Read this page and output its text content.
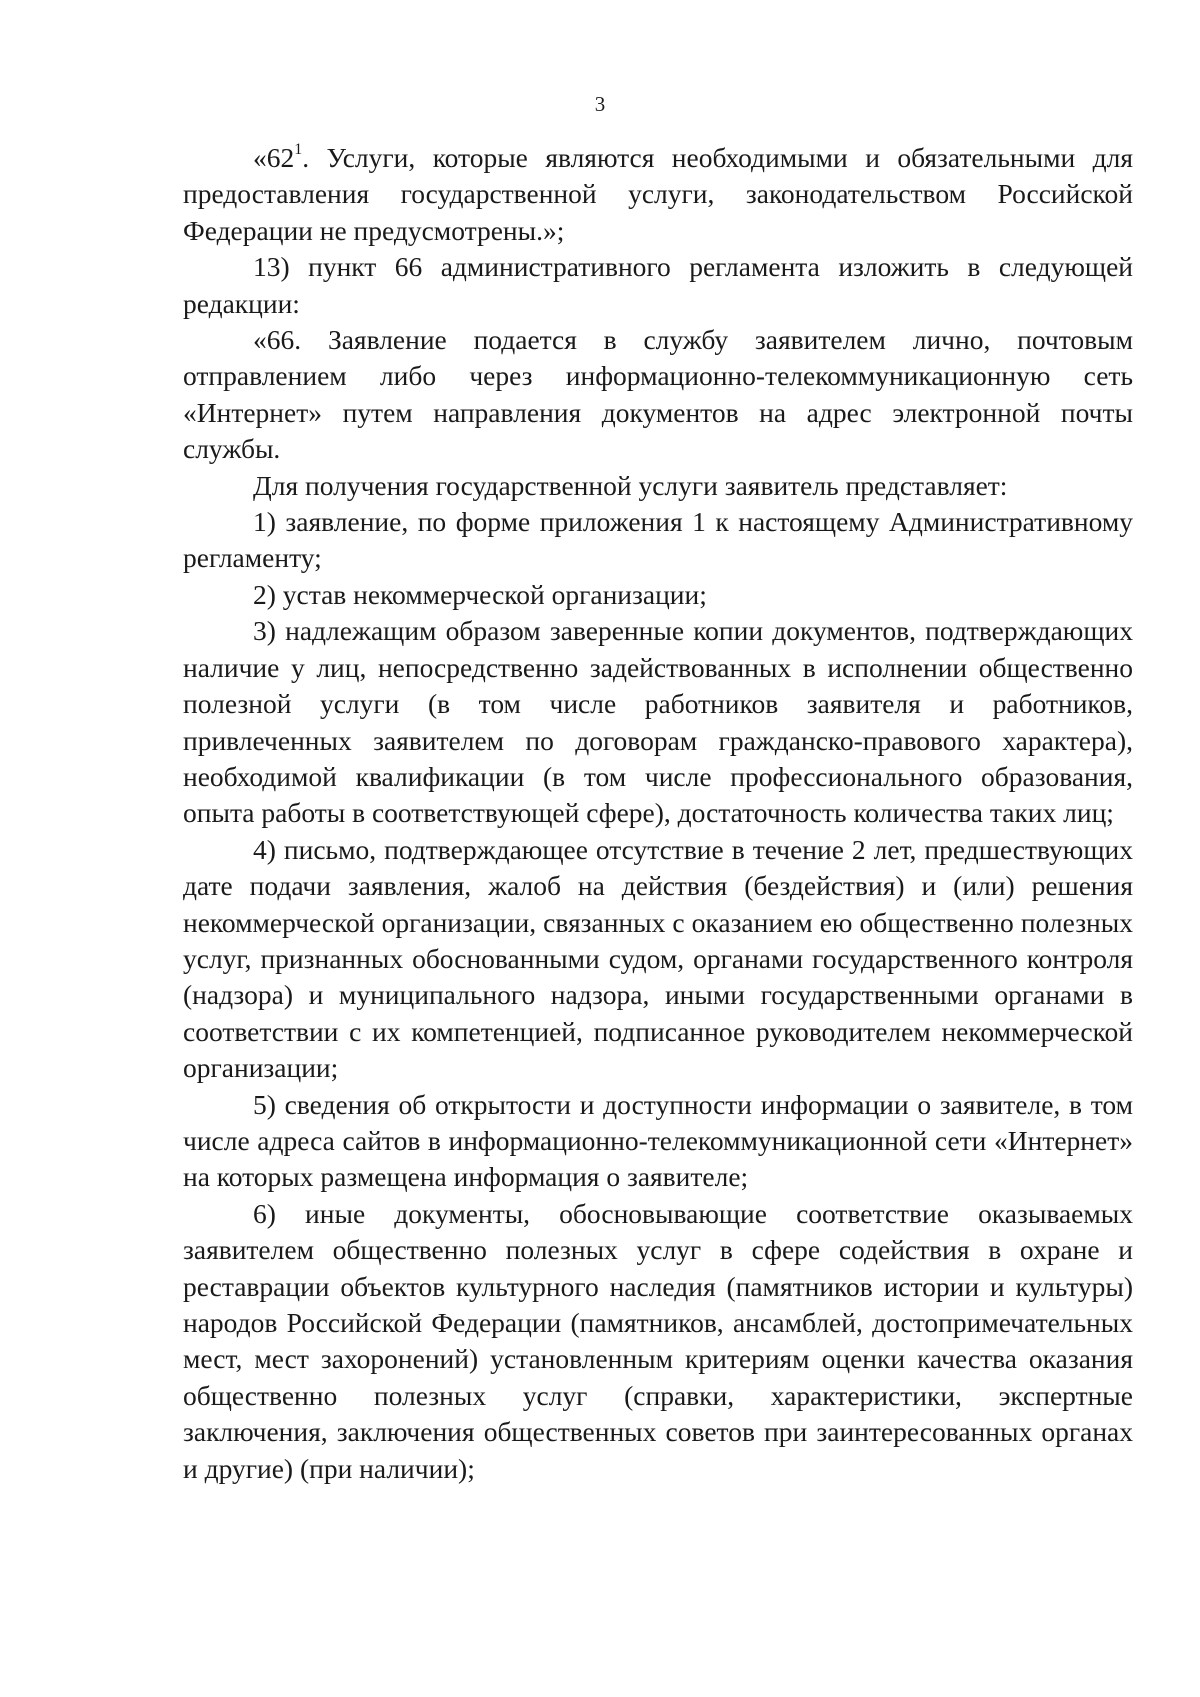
3

«$62^1$. Услуги, которые являются необходимыми и обязательными для предоставления государственной услуги, законодательством Российской Федерации не предусмотрены.»;

13) пункт 66 административного регламента изложить в следующей редакции:

«66. Заявление подается в службу заявителем лично, почтовым отправлением либо через информационно-телекоммуникационную сеть «Интернет» путем направления документов на адрес электронной почты службы.

Для получения государственной услуги заявитель представляет:

1) заявление, по форме приложения 1 к настоящему Административному регламенту;

2) устав некоммерческой организации;

3) надлежащим образом заверенные копии документов, подтверждающих наличие у лиц, непосредственно задействованных в исполнении общественно полезной услуги (в том числе работников заявителя и работников, привлеченных заявителем по договорам гражданско-правового характера), необходимой квалификации (в том числе профессионального образования, опыта работы в соответствующей сфере), достаточность количества таких лиц;

4) письмо, подтверждающее отсутствие в течение 2 лет, предшествующих дате подачи заявления, жалоб на действия (бездействия) и (или) решения некоммерческой организации, связанных с оказанием ею общественно полезных услуг, признанных обоснованными судом, органами государственного контроля (надзора) и муниципального надзора, иными государственными органами в соответствии с их компетенцией, подписанное руководителем некоммерческой организации;

5) сведения об открытости и доступности информации о заявителе, в том числе адреса сайтов в информационно-телекоммуникационной сети «Интернет» на которых размещена информация о заявителе;

6) иные документы, обосновывающие соответствие оказываемых заявителем общественно полезных услуг в сфере содействия в охране и реставрации объектов культурного наследия (памятников истории и культуры) народов Российской Федерации (памятников, ансамблей, достопримечательных мест, мест захоронений) установленным критериям оценки качества оказания общественно полезных услуг (справки, характеристики, экспертные заключения, заключения общественных советов при заинтересованных органах и другие) (при наличии);
